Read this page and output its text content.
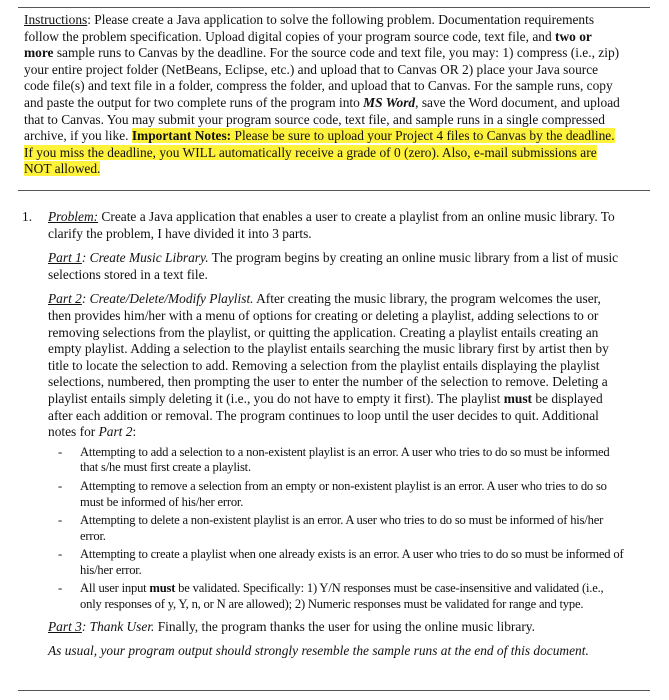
Instructions: Please create a Java application to solve the following problem. Documentation requirements follow the problem specification. Upload digital copies of your program source code, text file, and two or more sample runs to Canvas by the deadline. For the source code and text file, you may: 1) compress (i.e., zip) your entire project folder (NetBeans, Eclipse, etc.) and upload that to Canvas OR 2) place your Java source code file(s) and text file in a folder, compress the folder, and upload that to Canvas. For the sample runs, copy and paste the output for two complete runs of the program into MS Word, save the Word document, and upload that to Canvas. You may submit your program source code, text file, and sample runs in a single compressed archive, if you like. Important Notes: Please be sure to upload your Project 4 files to Canvas by the deadline. If you miss the deadline, you WILL automatically receive a grade of 0 (zero). Also, e-mail submissions are NOT allowed.
1.	Problem: Create a Java application that enables a user to create a playlist from an online music library. To clarify the problem, I have divided it into 3 parts.

Part 1: Create Music Library. The program begins by creating an online music library from a list of music selections stored in a text file.

Part 2: Create/Delete/Modify Playlist. After creating the music library, the program welcomes the user, then provides him/her with a menu of options for creating or deleting a playlist, adding selections to or removing selections from the playlist, or quitting the application. Creating a playlist entails creating an empty playlist. Adding a selection to the playlist entails searching the music library first by artist then by title to locate the selection to add. Removing a selection from the playlist entails displaying the playlist selections, numbered, then prompting the user to enter the number of the selection to remove. Deleting a playlist entails simply deleting it (i.e., you do not have to empty it first). The playlist must be displayed after each addition or removal. The program continues to loop until the user decides to quit. Additional notes for Part 2:

- Attempting to add a selection to a non-existent playlist is an error. A user who tries to do so must be informed that s/he must first create a playlist.
- Attempting to remove a selection from an empty or non-existent playlist is an error. A user who tries to do so must be informed of his/her error.
- Attempting to delete a non-existent playlist is an error. A user who tries to do so must be informed of his/her error.
- Attempting to create a playlist when one already exists is an error. A user who tries to do so must be informed of his/her error.
- All user input must be validated. Specifically: 1) Y/N responses must be case-insensitive and validated (i.e., only responses of y, Y, n, or N are allowed); 2) Numeric responses must be validated for range and type.

Part 3: Thank User. Finally, the program thanks the user for using the online music library.

As usual, your program output should strongly resemble the sample runs at the end of this document.
